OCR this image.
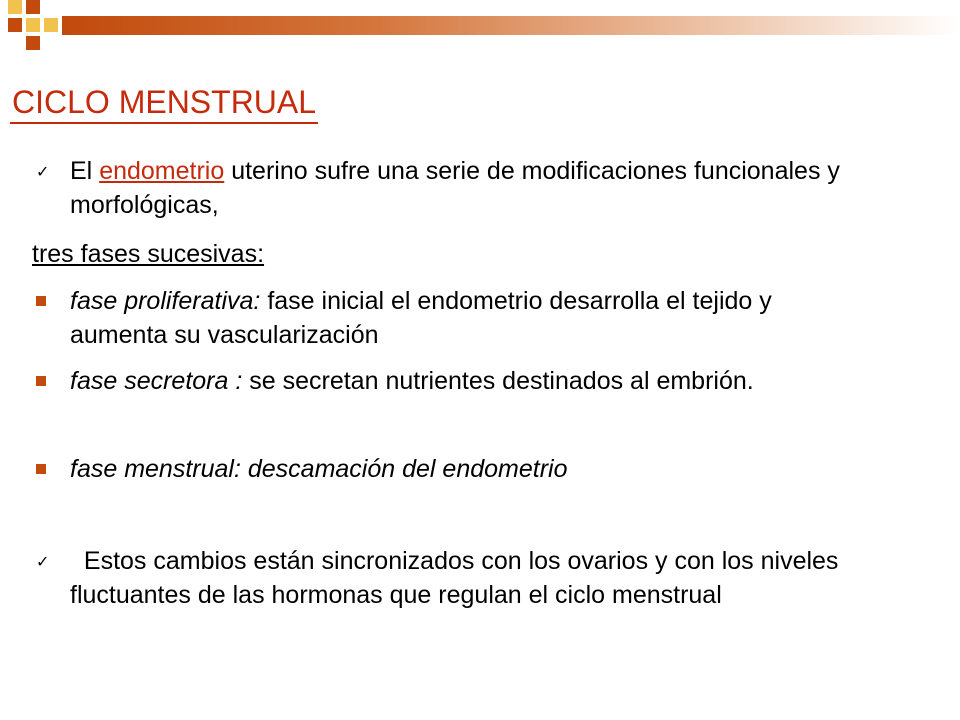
CICLO MENSTRUAL
✓ El endometrio uterino sufre una serie de modificaciones funcionales y morfológicas,
tres fases sucesivas:
fase proliferativa: fase inicial el endometrio desarrolla el tejido y aumenta su vascularización
fase secretora : se secretan nutrientes destinados al embrión.
fase menstrual: descamación del endometrio
✓ Estos cambios están sincronizados con los ovarios y con los niveles fluctuantes de las hormonas que regulan el ciclo menstrual
